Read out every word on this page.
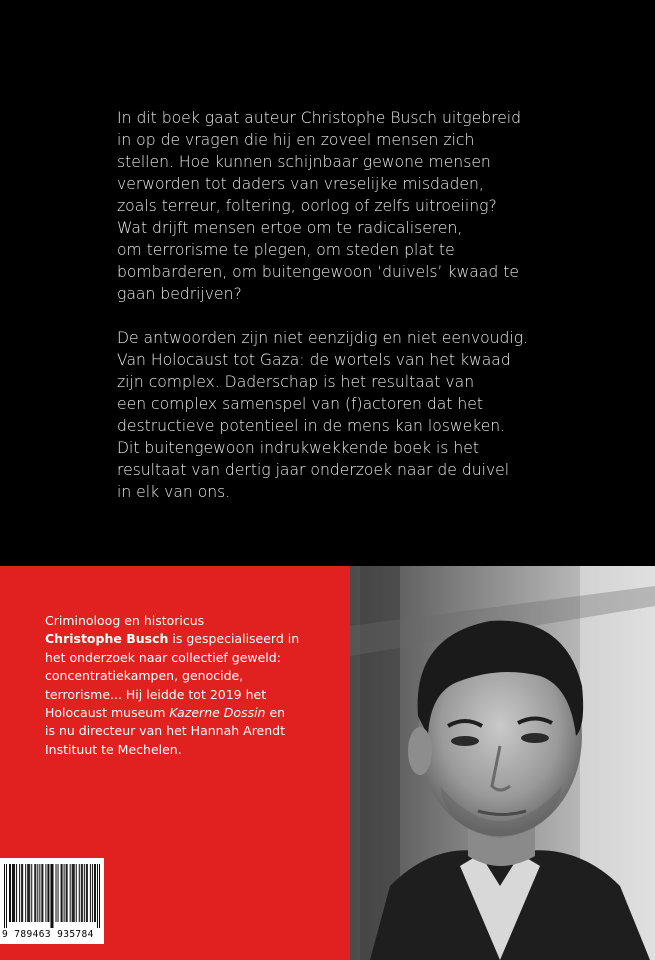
In dit boek gaat auteur Christophe Busch uitgebreid
in op de vragen die hij en zoveel mensen zich
stellen. Hoe kunnen schijnbaar gewone mensen
verworden tot daders van vreselijke misdaden,
zoals terreur, foltering, oorlog of zelfs uitroeiing?
Wat drijft mensen ertoe om te radicaliseren,
om terrorisme te plegen, om steden plat te
bombarderen, om buitengewoon ‘duivels’ kwaad te
gaan bedrijven?

De antwoorden zijn niet eenzijdig en niet eenvoudig.
Van Holocaust tot Gaza: de wortels van het kwaad
zijn complex. Daderschap is het resultaat van
een complex samenspel van (f)actoren dat het
destructieve potentieel in de mens kan losweken.
Dit buitengewoon indrukwekkende boek is het
resultaat van dertig jaar onderzoek naar de duivel
in elk van ons.

Criminoloog en historicus
Christophe Busch is gespecialiseerd in
het onderzoek naar collectief geweld:
concentratiekampen, genocide,
terrorisme... Hij leidde tot 2019 het
Holocaust museum Kazerne Dossin en
is nu directeur van het Hannah Arendt
Instituut te Mechelen.
9 789463 935784
